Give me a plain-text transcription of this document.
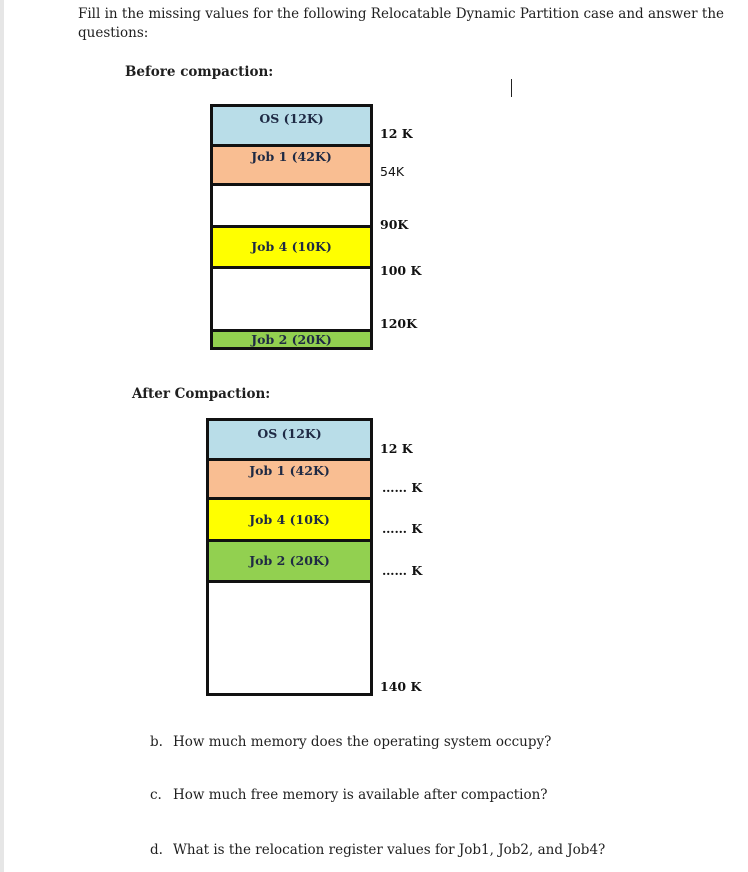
Fill in the missing values for the following Relocatable Dynamic Partition case and answer the questions:
Before compaction:
OS (12K)
Job 1 (42K)
Job 4 (10K)
Job 2 (20K)
12 K
54K
90K
100 K
120K
After Compaction:
OS (12K)
Job 1 (42K)
Job 4 (10K)
Job 2 (20K)
12 K
…… K
…… K
…… K
140 K
b. How much memory does the operating system occupy?
c. How much free memory is available after compaction?
d. What is the relocation register values for Job1, Job2, and Job4?
